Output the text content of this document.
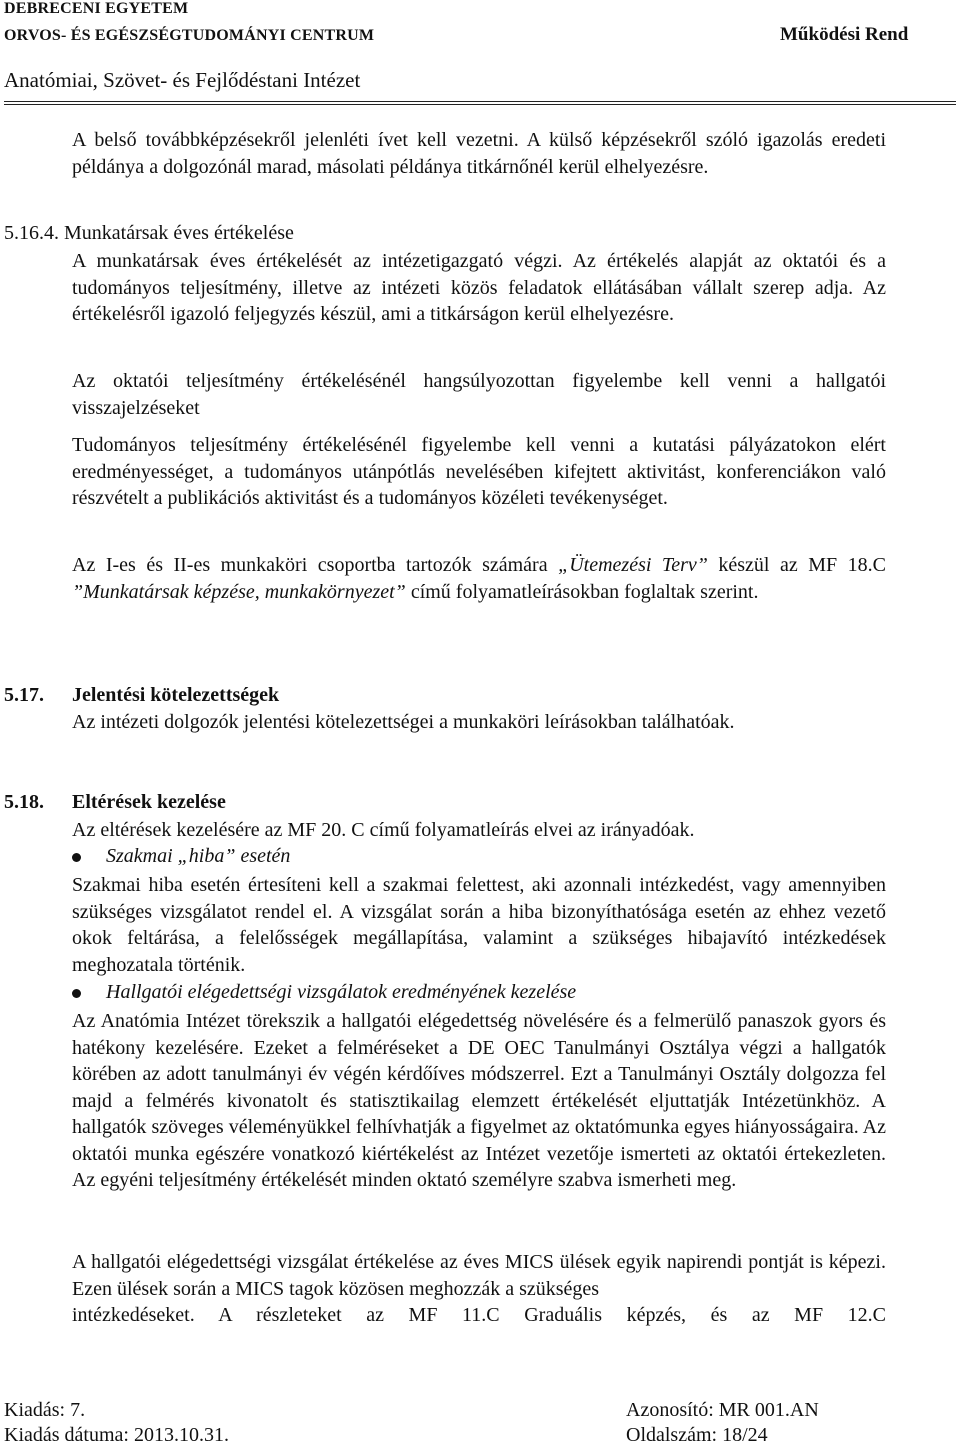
DEBRECENI EGYETEM
ORVOS- ÉS EGÉSZSÉGTUDOMÁNYI CENTRUM	Működési Rend
Anatómiai, Szövet- és Fejlődéstani Intézet
A belső továbbképzésekről jelenléti ívet kell vezetni. A külső képzésekről szóló igazolás eredeti példánya a dolgozónál marad, másolati példánya titkárnőnél kerül elhelyezésre.
5.16.4. Munkatársak éves értékelése
A munkatársak éves értékelését az intézetigazgató végzi. Az értékelés alapját az oktatói és a tudományos teljesítmény, illetve az intézeti közös feladatok ellátásában vállalt szerep adja. Az értékelésről igazoló feljegyzés készül, ami a titkárságon kerül elhelyezésre.
Az oktatói teljesítmény értékelésénél hangsúlyozottan figyelembe kell venni a hallgatói visszajelzéseket
Tudományos teljesítmény értékelésénél figyelembe kell venni a kutatási pályázatokon elért eredményességet, a tudományos utánpótlás nevelésében kifejtett aktivitást, konferenciákon való részvételt a publikációs aktivitást és a tudományos közéleti tevékenységet.
Az I-es és II-es munkaköri csoportba tartozók számára „Ütemezési Terv” készül az MF 18.C ”Munkatársak képzése, munkakörnyezet” című folyamatleírásokban foglaltak szerint.
5.17. Jelentési kötelezettségek
Az intézeti dolgozók jelentési kötelezettségei a munkaköri leírásokban találhatóak.
5.18. Eltérések kezelése
Az eltérések kezelésére az MF 20. C című folyamatleírás elvei az irányadóak.
Szakmai „hiba” esetén
Szakmai hiba esetén értesíteni kell a szakmai felettest, aki azonnali intézkedést, vagy amennyiben szükséges vizsgálatot rendel el. A vizsgálat során a hiba bizonyíthatósága esetén az ehhez vezető okok feltárása, a felelősségek megállapítása, valamint a szükséges hibajavító intézkedések meghozatala történik.
Hallgatói elégedettségi vizsgálatok eredményének kezelése
Az Anatómia Intézet törekszik a hallgatói elégedettség növelésére és a felmerülő panaszok gyors és hatékony kezelésére. Ezeket a felméréseket a DE OEC Tanulmányi Osztálya végzi a hallgatók körében az adott tanulmányi év végén kérdőíves módszerrel. Ezt a Tanulmányi Osztály dolgozza fel majd a felmérés kivonatolt és statisztikailag elemzett értékelését eljuttatják Intézetünkhöz. A hallgatók szöveges véleményükkel felhívhatják a figyelmet az oktatómunka egyes hiányosságaira. Az oktatói munka egészére vonatkozó kiértékelést az Intézet vezetője ismerteti az oktatói értekezleten. Az egyéni teljesítmény értékelését minden oktató személyre szabva ismerheti meg.
A hallgatói elégedettségi vizsgálat értékelése az éves MICS ülések egyik napirendi pontját is képezi. Ezen ülések során a MICS tagok közösen meghozzák a szükséges
intézkedéseket. A részleteket az MF 11.C Graduális képzés, és az MF 12.C
Kiadás: 7.	Azonosító: MR 001.AN
Kiadás dátuma: 2013.10.31.	Oldalszám: 18/24
